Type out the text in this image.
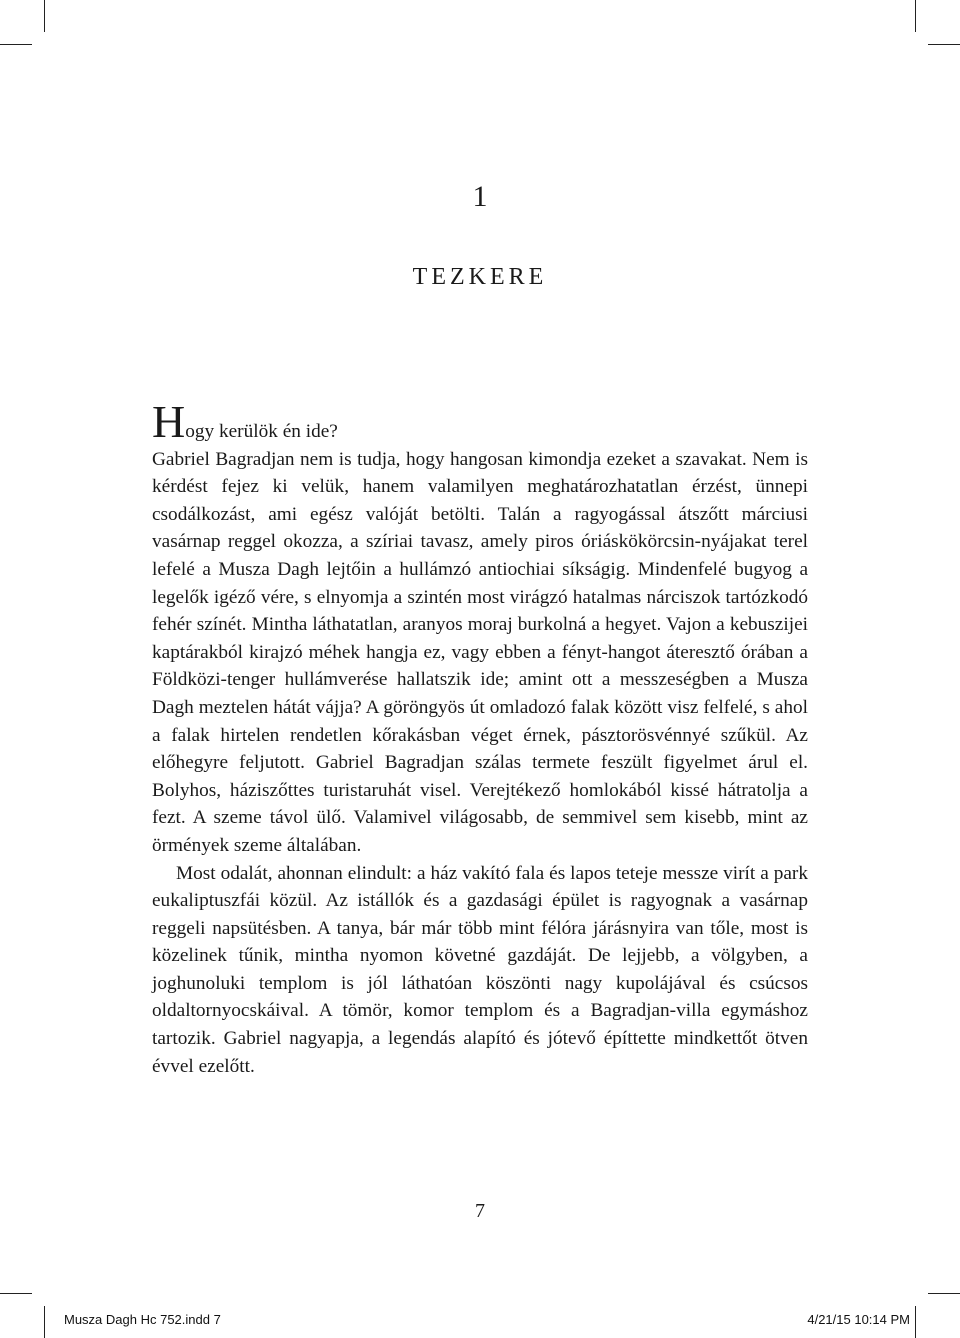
1
tezkere

Hogy kerülök én ide?

Gabriel Bagradjan nem is tudja, hogy hangosan kimondja ezeket a szavakat. Nem is kérdést fejez ki velük, hanem valamilyen meghatározhatatlan érzést, ünnepi csodálkozást, ami egész valóját betölti. Talán a ragyogással átszőtt márciusi vasárnap reggel okozza, a szíriai tavasz, amely piros óriáskökörcsin-nyájakat terel lefelé a Musza Dagh lejtőin a hullámzó antiochiai síkságig. Mindenfelé bugyog a legelők igéző vére, s elnyomja a szintén most virágzó hatalmas nárciszok tartózkodó fehér színét. Mintha láthatatlan, aranyos moraj burkolná a hegyet. Vajon a kebuszijei kaptárakból kirajzó méhek hangja ez, vagy ebben a fényt-hangot áteresztő órában a Földközi-tenger hullámverése hallatszik ide; amint ott a messzeségben a Musza Dagh meztelen hátát vájja? A göröngyös út omladozó falak között visz felfelé, s ahol a falak hirtelen rendetlen kőrakásban véget érnek, pásztorösvénnyé szűkül. Az előhegyre feljutott. Gabriel Bagradjan szálas termete feszült figyelmet árul el. Bolyhos, háziszőttes turistaruhát visel. Verejtékező homlokából kissé hátratolja a fezt. A szeme távol ülő. Valamivel világosabb, de semmivel sem kisebb, mint az örmények szeme általában.

Most odalát, ahonnan elindult: a ház vakító fala és lapos teteje messze virít a park eukaliptuszfái közül. Az istállók és a gazdasági épület is ragyognak a vasárnap reggeli napsütésben. A tanya, bár már több mint félóra járásnyira van tőle, most is közelinek tűnik, mintha nyomon követné gazdáját. De lejjebb, a völgyben, a joghunoluki templom is jól láthatóan köszönti nagy kupolájával és csúcsos oldaltornyocskáival. A tömör, komor templom és a Bagradjan-villa egymáshoz tartozik. Gabriel nagyapja, a legendás alapító és jótevő építtette mindkettőt ötven évvel ezelőtt.

7
Musza Dagh Hc 752.indd 7	4/21/15 10:14 PM
